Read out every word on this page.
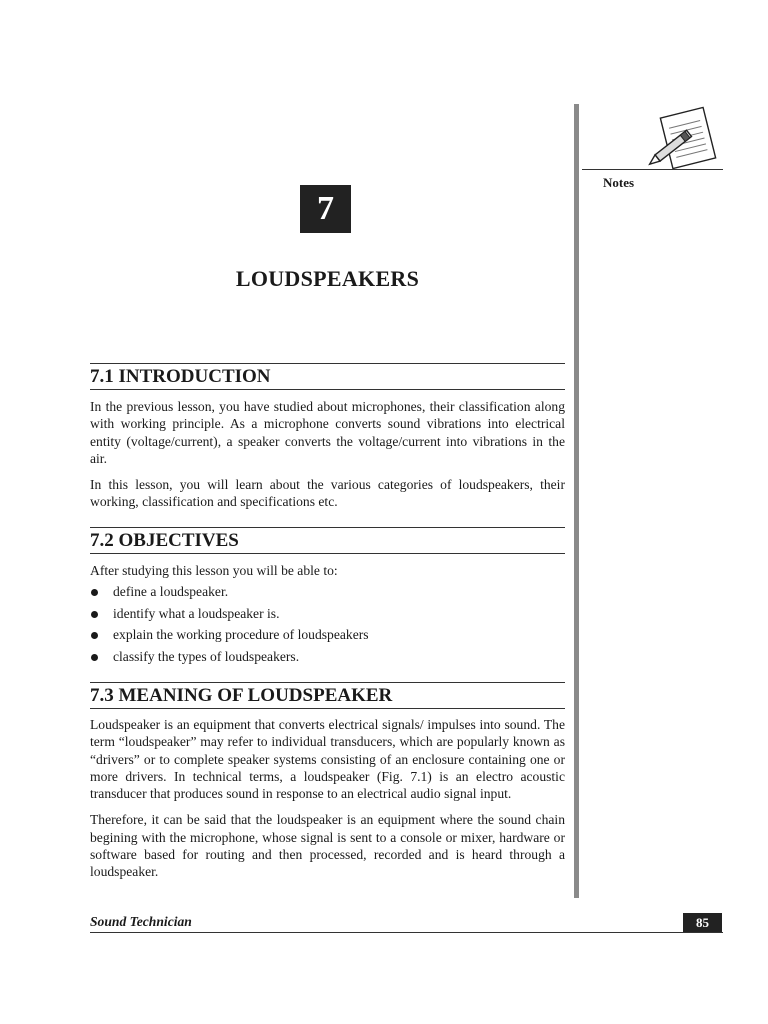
Notes
7
LOUDSPEAKERS
7.1 INTRODUCTION

In the previous lesson, you have studied about microphones, their classification along with working principle. As a microphone converts sound vibrations into electrical entity (voltage/current), a speaker converts the voltage/current into vibrations in the air.

In this lesson, you will learn about the various categories of loudspeakers, their working, classification and specifications etc.

7.2 OBJECTIVES

After studying this lesson you will be able to:

define a loudspeaker.
identify what a loudspeaker is.
explain the working procedure of loudspeakers
classify the types of loudspeakers.
7.3 MEANING OF LOUDSPEAKER

Loudspeaker is an equipment that converts electrical signals/ impulses into sound. The term “loudspeaker” may refer to individual transducers, which are popularly known as “drivers” or to complete speaker systems consisting of an enclosure containing one or more drivers. In technical terms, a loudspeaker (Fig. 7.1) is an electro acoustic transducer that produces sound in response to an electrical audio signal input.

Therefore, it can be said that the loudspeaker is an equipment where the sound chain begining with the microphone, whose signal is sent to a console or mixer, hardware or software based for routing and then processed, recorded and is heard through a loudspeaker.

Sound Technician	85
